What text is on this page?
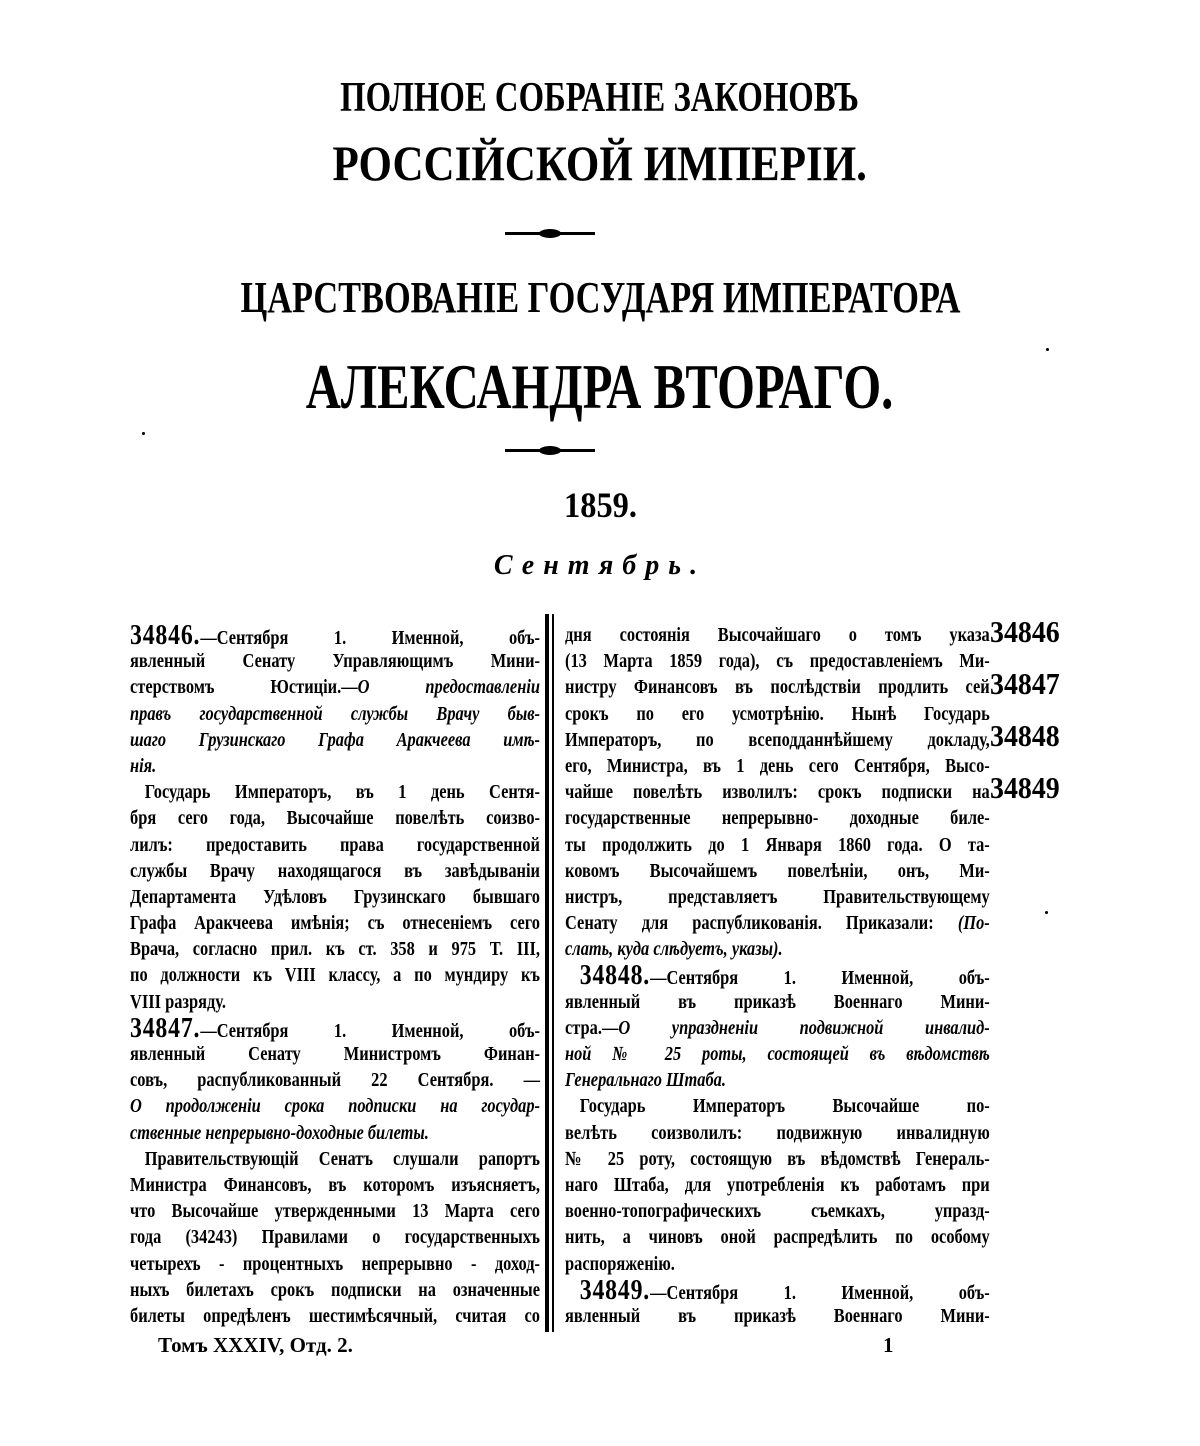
ПОЛНОЕ СОБРАНІЕ ЗАКОНОВЪ
РОССІЙСКОЙ ИМПЕРІИ.
ЦАРСТВОВАНІЕ ГОСУДАРЯ ИМПЕРАТОРА
АЛЕКСАНДРА ВТОРАГО.
1859.
Сентябрь.
34846.—Сентября 1. Именной, объ-
явленный Сенату Управляющимъ Мини-
стерствомъ Юстиціи.—О предоставленіи
правъ государственной службы Врачу быв-
шаго Грузинскаго Графа Аракчеева имѣ-
нія.
Государь Императоръ, въ 1 день Сентя-
бря сего года, Высочайше повелѣть соизво-
лилъ: предоставить права государственной
службы Врачу находящагося въ завѣдываніи
Департамента Удѣловъ Грузинскаго бывшаго
Графа Аракчеева имѣнія; съ отнесеніемъ сего
Врача, согласно прил. къ ст. 358 и 975 Т. III,
по должности къ VIII классу, а по мундиру къ
VIII разряду.
34847.—Сентября 1. Именной, объ-
явленный Сенату Министромъ Финан-
совъ, распубликованный 22 Сентября. —
О продолженіи срока подписки на государ-
ственные непрерывно-доходные билеты.
Правительствующій Сенатъ слушали рапортъ
Министра Финансовъ, въ которомъ изъясняетъ,
что Высочайше утвержденными 13 Марта сего
года (34243) Правилами о государственныхъ
четырехъ - процентныхъ непрерывно - доход-
ныхъ билетахъ срокъ подписки на означенные
билеты опредѣленъ шестимѣсячный, считая со
дня состоянія Высочайшаго о томъ указа
(13 Марта 1859 года), съ предоставленіемъ Ми-
нистру Финансовъ въ послѣдствіи продлить сей
срокъ по его усмотрѣнію. Нынѣ Государь
Императоръ, по всеподданнѣйшему докладу,
его, Министра, въ 1 день сего Сентября, Высо-
чайше повелѣть изволилъ: срокъ подписки на
государственные непрерывно- доходные биле-
ты продолжить до 1 Января 1860 года. О та-
ковомъ Высочайшемъ повелѣніи, онъ, Ми-
нистръ, представляетъ Правительствующему
Сенату для распубликованія. Приказали: (По-
слать, куда слѣдуетъ, указы).
34848.—Сентября 1. Именной, объ-
явленный въ приказѣ Военнаго Мини-
стра.—О упраздненіи подвижной инвалид-
ной № 25 роты, состоящей въ вѣдомствѣ
Генеральнаго Штаба.
Государь Императоръ Высочайше по-
велѣть соизволилъ: подвижную инвалидную
№ 25 роту, состоящую въ вѣдомствѣ Генераль-
наго Штаба, для употребленія къ работамъ при
военно-топографическихъ съемкахъ, упразд-
нить, а чиновъ оной распредѣлить по особому
распоряженію.
34849.—Сентября 1. Именной, объ-
явленный въ приказѣ Военнаго Мини-
34846
34847
34848
34849
Томъ XXXIV, Отд. 2.	1
